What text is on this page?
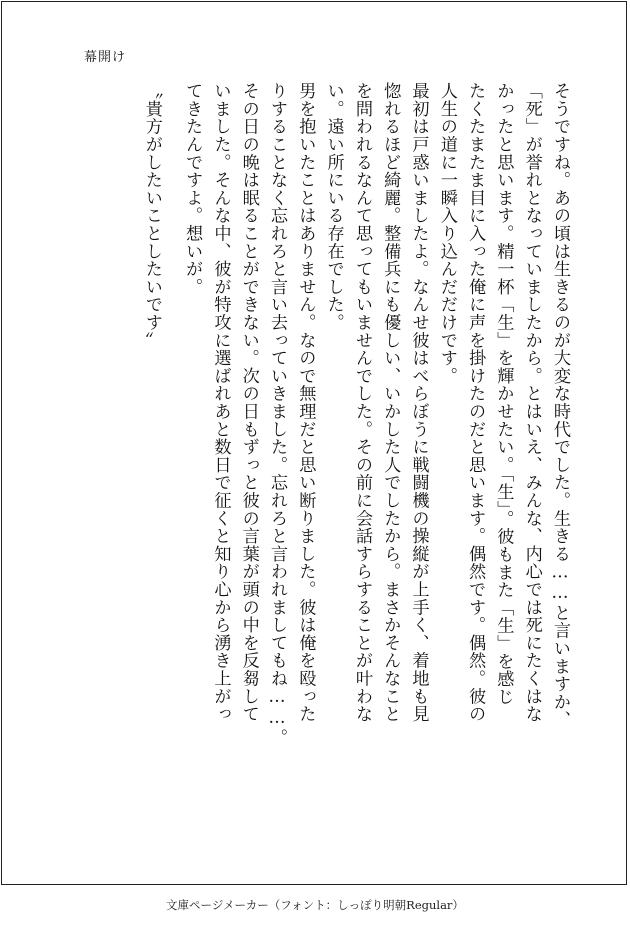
幕開け
そうですね。あの頃は生きるのが大変な時代でした。生きる……と言いますか、
「死」が誉れとなっていましたから。とはいえ、みんな、内心では死にたくはな
かったと思います。精一杯「生」を輝かせたい。「生」。彼もまた「生」を感じ
たくたまたま目に入った俺に声を掛けたのだと思います。偶然です。偶然。彼の
人生の道に一瞬入り込んだだけです。
最初は戸惑いましたよ。なんせ彼はべらぼうに戦闘機の操縦が上手く、着地も見
惚れるほど綺麗。整備兵にも優しい、いかした人でしたから。まさかそんなこと
を問われるなんて思ってもいませんでした。その前に会話すらすることが叶わな
い。遠い所にいる存在でした。
男を抱いたことはありません。なので無理だと思い断りました。彼は俺を殴った
りすることなく忘れろと言い去っていきました。忘れろと言われましてもね……。
その日の晩は眠ることができない。次の日もずっと彼の言葉が頭の中を反芻して
いました。そんな中、彼が特攻に選ばれあと数日で征くと知り心から湧き上がっ
てきたんですよ。想いが。
〝貴方がしたいことしたいです〟
文庫ページメーカー（フォント：しっぽり明朝Regular）
